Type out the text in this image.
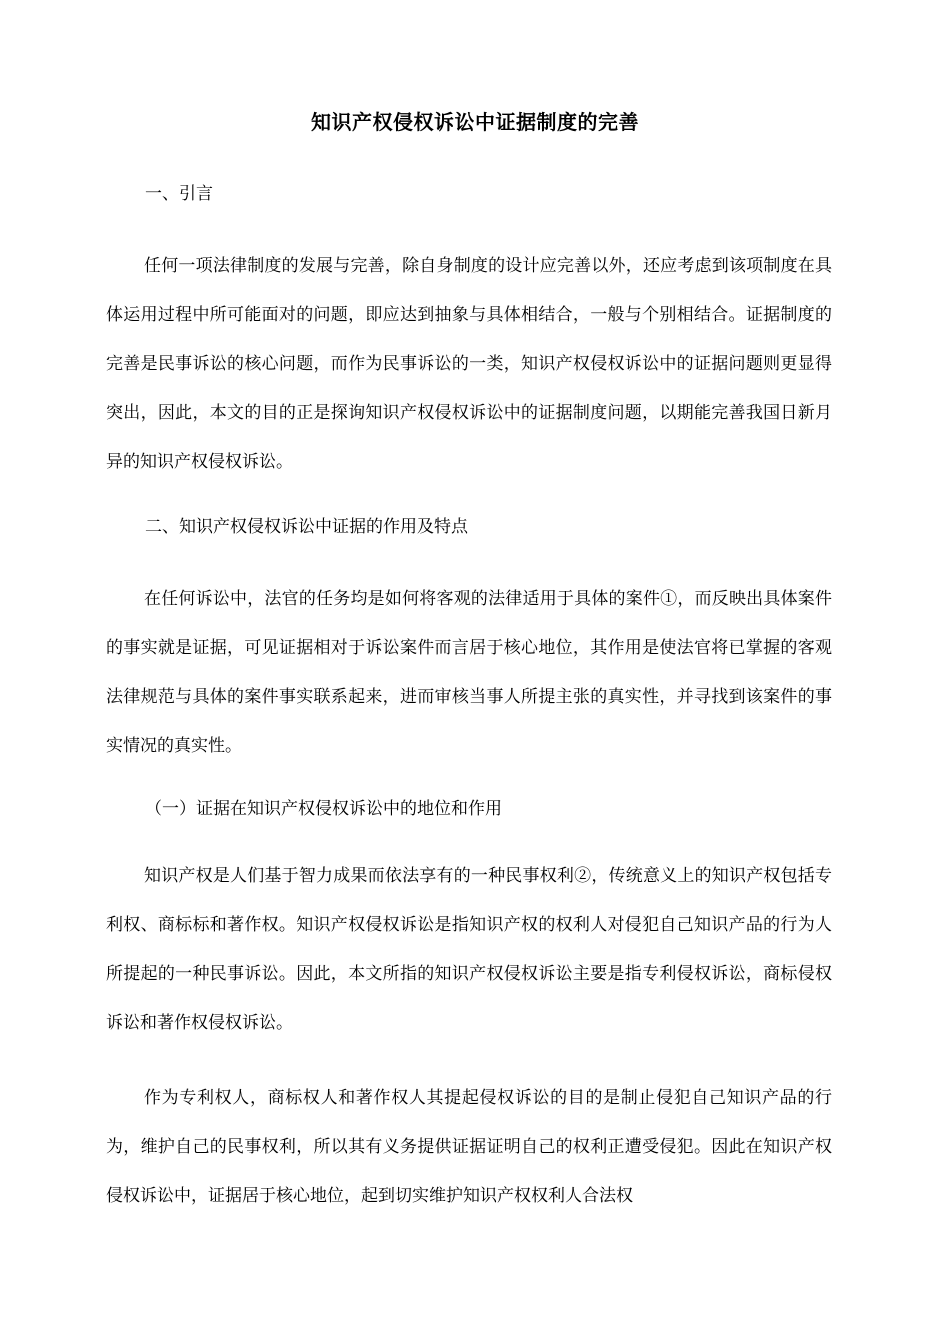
知识产权侵权诉讼中证据制度的完善
一、引言

任何一项法律制度的发展与完善，除自身制度的设计应完善以外，还应考虑到该项制度在具体运用过程中所可能面对的问题，即应达到抽象与具体相结合，一般与个别相结合。证据制度的完善是民事诉讼的核心问题，而作为民事诉讼的一类，知识产权侵权诉讼中的证据问题则更显得突出，因此，本文的目的正是探询知识产权侵权诉讼中的证据制度问题，以期能完善我国日新月异的知识产权侵权诉讼。

二、知识产权侵权诉讼中证据的作用及特点

在任何诉讼中，法官的任务均是如何将客观的法律适用于具体的案件①，而反映出具体案件的事实就是证据，可见证据相对于诉讼案件而言居于核心地位，其作用是使法官将已掌握的客观法律规范与具体的案件事实联系起来，进而审核当事人所提主张的真实性，并寻找到该案件的事实情况的真实性。

（一）证据在知识产权侵权诉讼中的地位和作用

知识产权是人们基于智力成果而依法享有的一种民事权利②，传统意义上的知识产权包括专利权、商标标和著作权。知识产权侵权诉讼是指知识产权的权利人对侵犯自己知识产品的行为人所提起的一种民事诉讼。因此，本文所指的知识产权侵权诉讼主要是指专利侵权诉讼，商标侵权诉讼和著作权侵权诉讼。

作为专利权人，商标权人和著作权人其提起侵权诉讼的目的是制止侵犯自己知识产品的行为，维护自己的民事权利，所以其有义务提供证据证明自己的权利正遭受侵犯。因此在知识产权侵权诉讼中，证据居于核心地位，起到切实维护知识产权权利人合法权
